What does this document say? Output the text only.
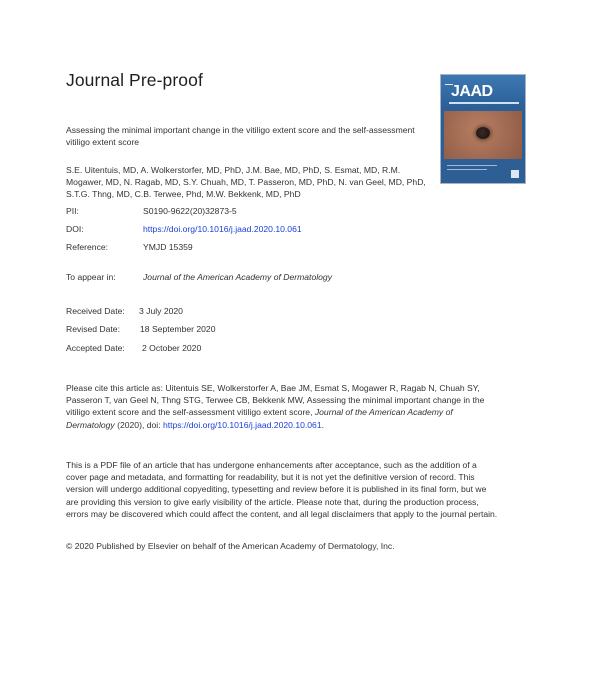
Journal Pre-proof
JAAD
Assessing the minimal important change in the vitiligo extent score and the self-assessment vitiligo extent score
S.E. Uitentuis, MD, A. Wolkerstorfer, MD, PhD, J.M. Bae, MD, PhD, S. Esmat, MD, R.M. Mogawer, MD, N. Ragab, MD, S.Y. Chuah, MD, T. Passeron, MD, PhD, N. van Geel, MD, PhD, S.T.G. Thng, MD, C.B. Terwee, Phd, M.W. Bekkenk, MD, PhD
PII:	S0190-9622(20)32873-5
DOI:	https://doi.org/10.1016/j.jaad.2020.10.061
Reference:	YMJD 15359
To appear in:	Journal of the American Academy of Dermatology
Received Date: 3 July 2020
Revised Date: 18 September 2020
Accepted Date: 2 October 2020
Please cite this article as: Uitentuis SE, Wolkerstorfer A, Bae JM, Esmat S, Mogawer R, Ragab N, Chuah SY, Passeron T, van Geel N, Thng STG, Terwee CB, Bekkenk MW, Assessing the minimal important change in the vitiligo extent score and the self-assessment vitiligo extent score, Journal of the American Academy of Dermatology (2020), doi: https://doi.org/10.1016/j.jaad.2020.10.061.
This is a PDF file of an article that has undergone enhancements after acceptance, such as the addition of a cover page and metadata, and formatting for readability, but it is not yet the definitive version of record. This version will undergo additional copyediting, typesetting and review before it is published in its final form, but we are providing this version to give early visibility of the article. Please note that, during the production process, errors may be discovered which could affect the content, and all legal disclaimers that apply to the journal pertain.
© 2020 Published by Elsevier on behalf of the American Academy of Dermatology, Inc.
